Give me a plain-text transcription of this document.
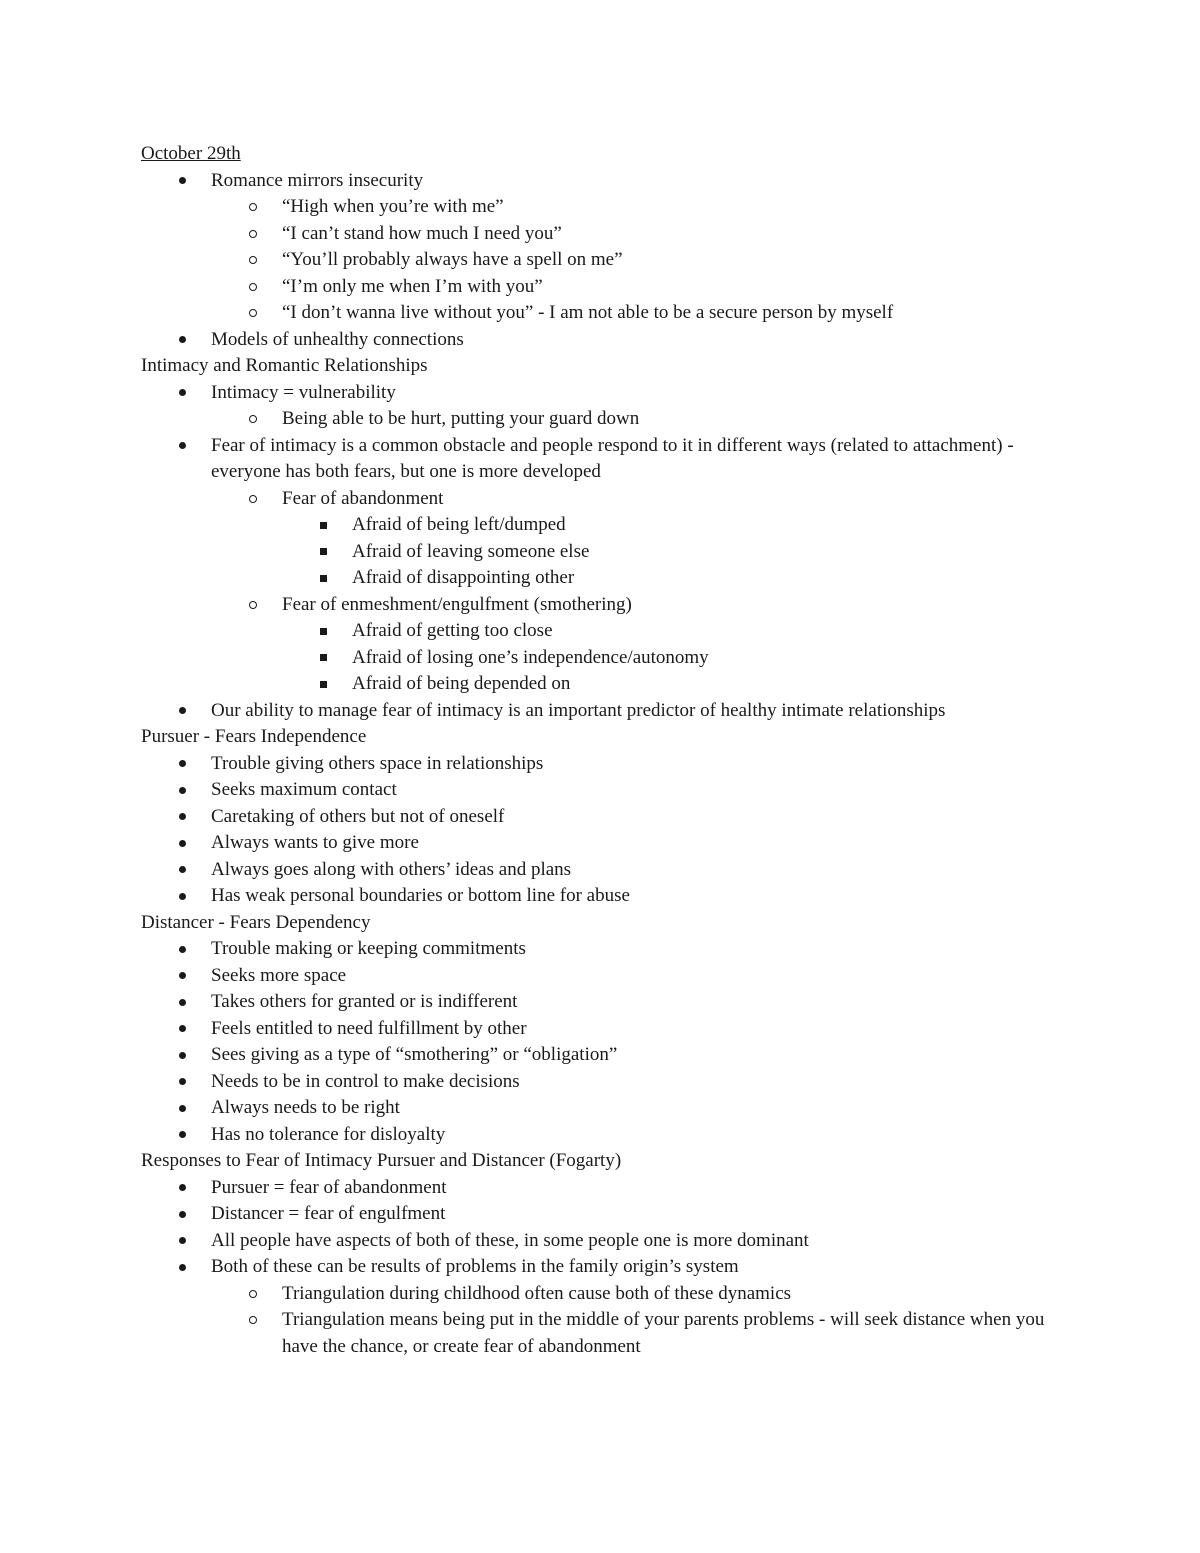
October 29th
Romance mirrors insecurity
“High when you’re with me”
“I can’t stand how much I need you”
“You’ll probably always have a spell on me”
“I’m only me when I’m with you”
“I don’t wanna live without you” - I am not able to be a secure person by myself
Models of unhealthy connections
Intimacy and Romantic Relationships
Intimacy = vulnerability
Being able to be hurt, putting your guard down
Fear of intimacy is a common obstacle and people respond to it in different ways (related to attachment) - everyone has both fears, but one is more developed
Fear of abandonment
Afraid of being left/dumped
Afraid of leaving someone else
Afraid of disappointing other
Fear of enmeshment/engulfment (smothering)
Afraid of getting too close
Afraid of losing one’s independence/autonomy
Afraid of being depended on
Our ability to manage fear of intimacy is an important predictor of healthy intimate relationships
Pursuer - Fears Independence
Trouble giving others space in relationships
Seeks maximum contact
Caretaking of others but not of oneself
Always wants to give more
Always goes along with others’ ideas and plans
Has weak personal boundaries or bottom line for abuse
Distancer - Fears Dependency
Trouble making or keeping commitments
Seeks more space
Takes others for granted or is indifferent
Feels entitled to need fulfillment by other
Sees giving as a type of “smothering” or “obligation”
Needs to be in control to make decisions
Always needs to be right
Has no tolerance for disloyalty
Responses to Fear of Intimacy Pursuer and Distancer (Fogarty)
Pursuer = fear of abandonment
Distancer = fear of engulfment
All people have aspects of both of these, in some people one is more dominant
Both of these can be results of problems in the family origin’s system
Triangulation during childhood often cause both of these dynamics
Triangulation means being put in the middle of your parents problems - will seek distance when you have the chance, or create fear of abandonment
